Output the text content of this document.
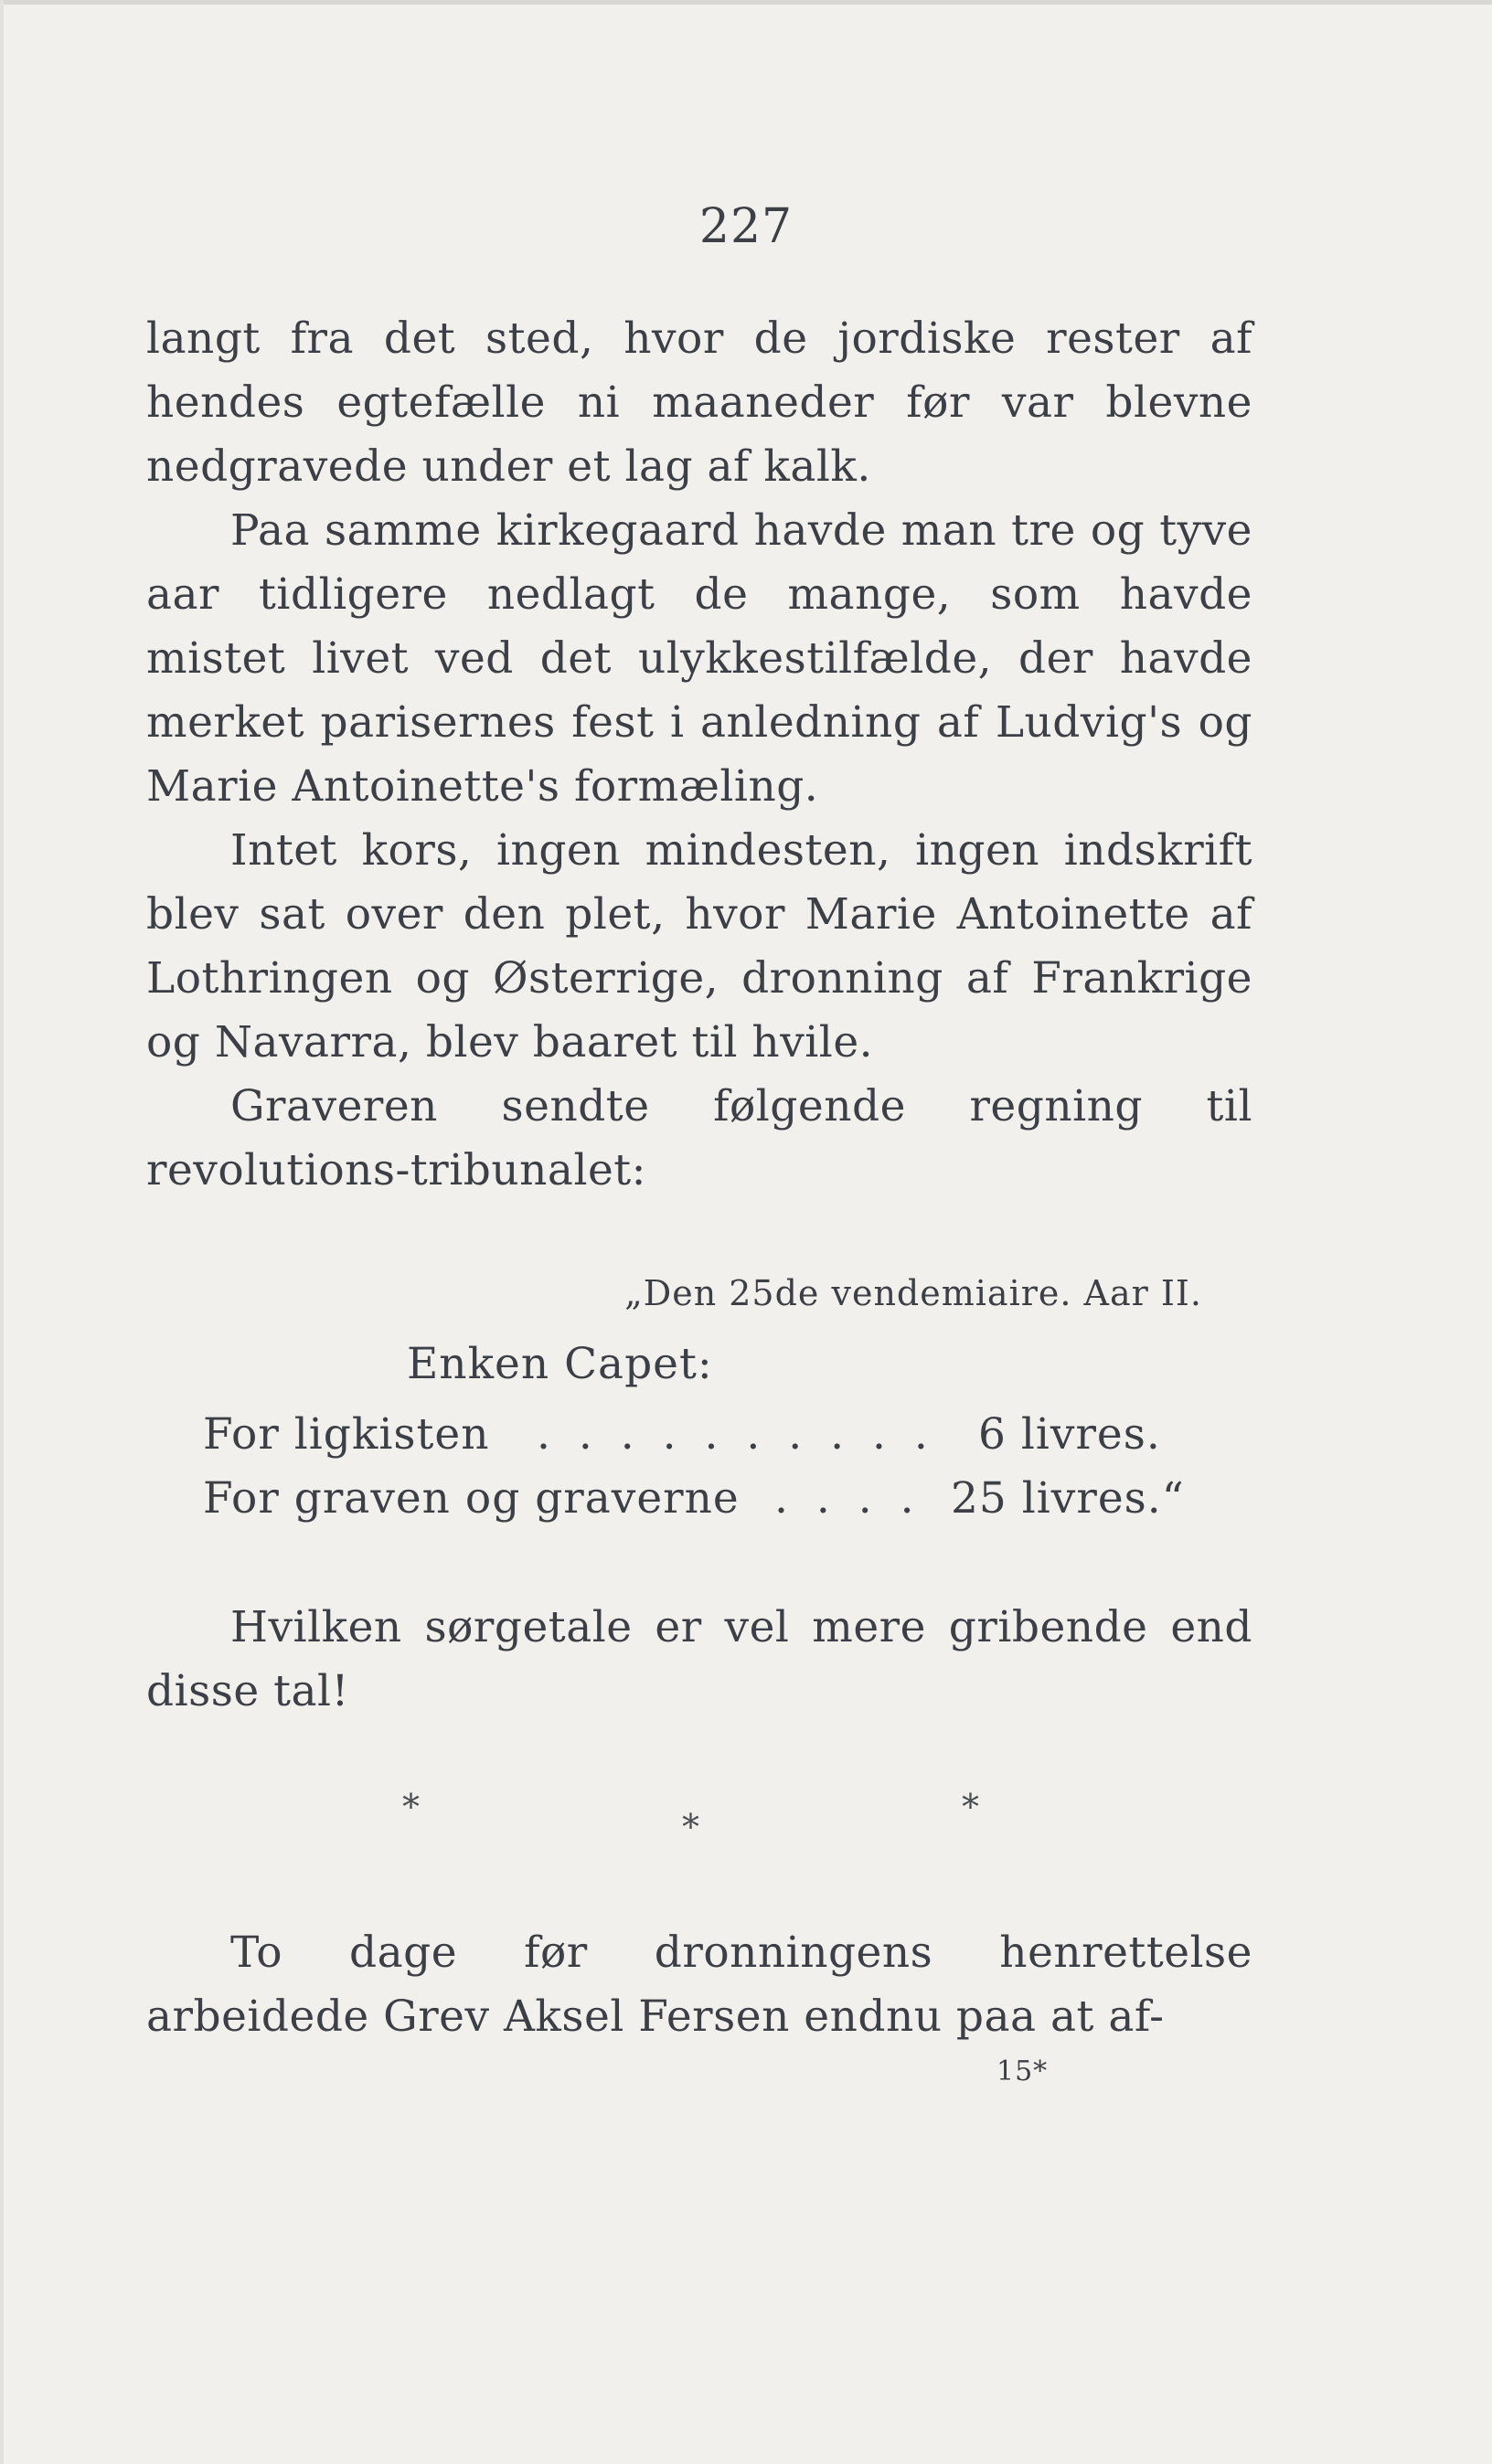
227

langt fra det sted, hvor de jordiske rester af hendes egtefælle ni maaneder før var blevne nedgravede under et lag af kalk.

Paa samme kirkegaard havde man tre og tyve aar tidligere nedlagt de mange, som havde mistet livet ved det ulykkestilfælde, der havde merket parisernes fest i anledning af Ludvig's og Marie Antoinette's formæling.

Intet kors, ingen mindesten, ingen indskrift blev sat over den plet, hvor Marie Antoinette af Lothringen og Østerrige, dronning af Frankrige og Navarra, blev baaret til hvile.

Graveren sendte følgende regning til revolutions-tribunalet:

„Den 25de vendemiaire. Aar II.
Enken Capet:
For ligkisten . . . . . . . . . . 6 livres.
For graven og graverne . . . . 25 livres.“

Hvilken sørgetale er vel mere gribende end disse tal!

*	*	*

To dage før dronningens henrettelse arbeidede Grev Aksel Fersen endnu paa at af-

15*
